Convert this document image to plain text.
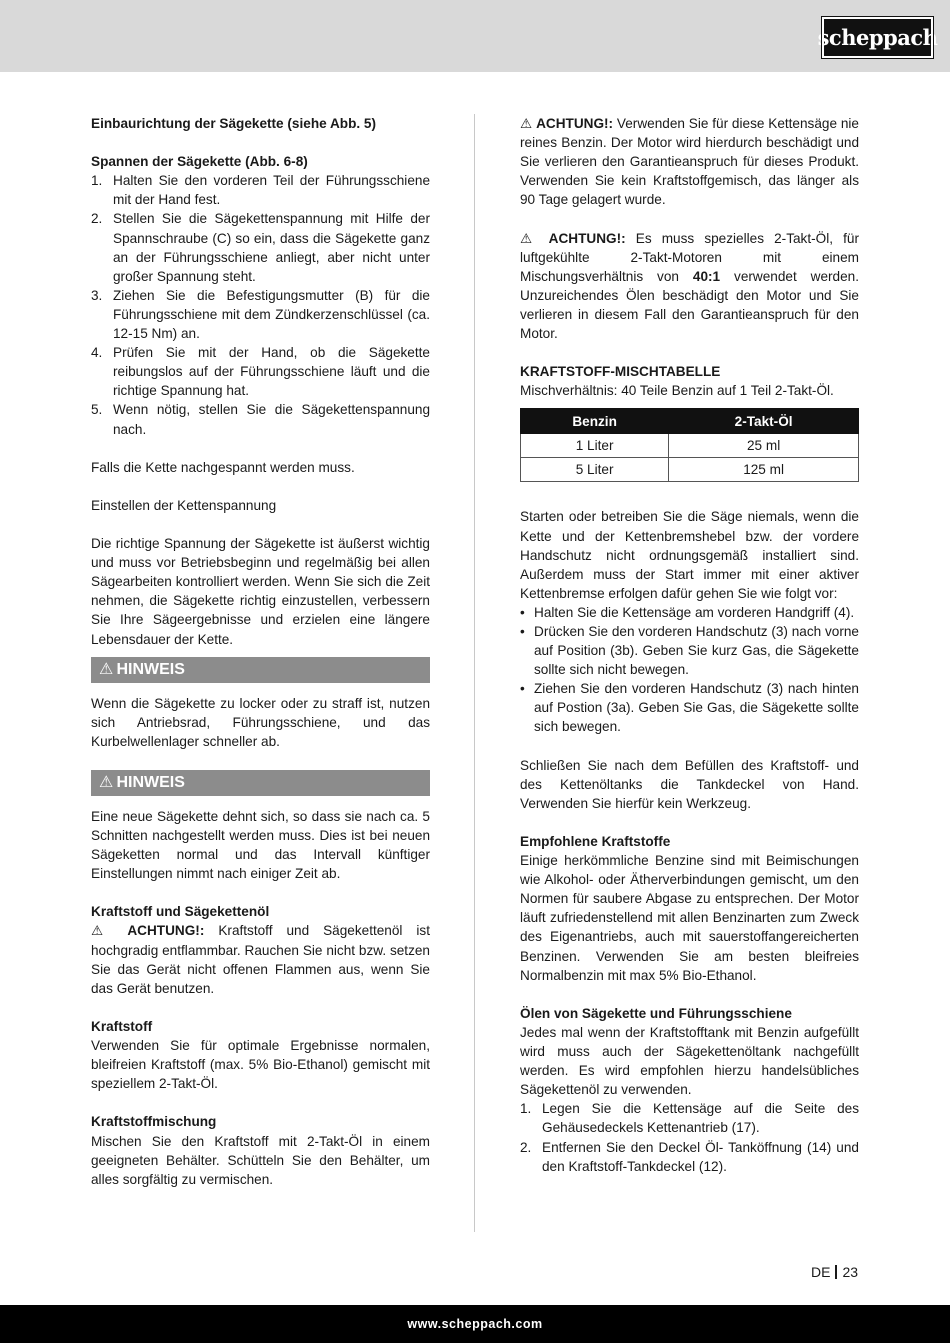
scheppach

Einbaurichtung der Sägekette (siehe Abb. 5)

Spannen der Sägekette (Abb. 6-8)

1. Halten Sie den vorderen Teil der Führungsschiene mit der Hand fest.
2. Stellen Sie die Sägekettenspannung mit Hilfe der Spannschraube (C) so ein, dass die Sägekette ganz an der Führungsschiene anliegt, aber nicht unter großer Spannung steht.
3. Ziehen Sie die Befestigungsmutter (B) für die Führungsschiene mit dem Zündkerzenschlüssel (ca. 12-15 Nm) an.
4. Prüfen Sie mit der Hand, ob die Sägekette reibungslos auf der Führungsschiene läuft und die richtige Spannung hat.
5. Wenn nötig, stellen Sie die Sägekettenspannung nach.

Falls die Kette nachgespannt werden muss.

Einstellen der Kettenspannung

Die richtige Spannung der Sägekette ist äußerst wichtig und muss vor Betriebsbeginn und regelmäßig bei allen Sägearbeiten kontrolliert werden. Wenn Sie sich die Zeit nehmen, die Sägekette richtig einzustellen, verbessern Sie Ihre Sägeergebnisse und erzielen eine längere Lebensdauer der Kette.

⚠ HINWEIS

Wenn die Sägekette zu locker oder zu straff ist, nutzen sich Antriebsrad, Führungsschiene, und das Kurbelwellenlager schneller ab.

⚠ HINWEIS

Eine neue Sägekette dehnt sich, so dass sie nach ca. 5 Schnitten nachgestellt werden muss. Dies ist bei neuen Sägeketten normal und das Intervall künftiger Einstellungen nimmt nach einiger Zeit ab.

Kraftstoff und Sägekettenöl

⚠ ACHTUNG!: Kraftstoff und Sägekettenöl ist hochgradig entflammbar. Rauchen Sie nicht bzw. setzen Sie das Gerät nicht offenen Flammen aus, wenn Sie das Gerät benutzen.

Kraftstoff

Verwenden Sie für optimale Ergebnisse normalen, bleifreien Kraftstoff (max. 5% Bio-Ethanol) gemischt mit speziellem 2-Takt-Öl.

Kraftstoffmischung

Mischen Sie den Kraftstoff mit 2-Takt-Öl in einem geeigneten Behälter. Schütteln Sie den Behälter, um alles sorgfältig zu vermischen.

⚠ ACHTUNG!: Verwenden Sie für diese Kettensäge nie reines Benzin. Der Motor wird hierdurch beschädigt und Sie verlieren den Garantieanspruch für dieses Produkt. Verwenden Sie kein Kraftstoffgemisch, das länger als 90 Tage gelagert wurde.

⚠ ACHTUNG!: Es muss spezielles 2-Takt-Öl, für luftgekühlte 2-Takt-Motoren mit einem Mischungsverhältnis von 40:1 verwendet werden. Unzureichendes Ölen beschädigt den Motor und Sie verlieren in diesem Fall den Garantieanspruch für den Motor.

KRAFTSTOFF-MISCHTABELLE

Mischverhältnis: 40 Teile Benzin auf 1 Teil 2-Takt-Öl.

Benzin	2-Takt-Öl
1 Liter	25 ml
5 Liter	125 ml

Starten oder betreiben Sie die Säge niemals, wenn die Kette und der Kettenbremshebel bzw. der vordere Handschutz nicht ordnungsgemäß installiert sind. Außerdem muss der Start immer mit einer aktiver Kettenbremse erfolgen dafür gehen Sie wie folgt vor:

• Halten Sie die Kettensäge am vorderen Handgriff (4).
• Drücken Sie den vorderen Handschutz (3) nach vorne auf Position (3b). Geben Sie kurz Gas, die Sägekette sollte sich nicht bewegen.
• Ziehen Sie den vorderen Handschutz (3) nach hinten auf Postion (3a). Geben Sie Gas, die Sägekette sollte sich bewegen.

Schließen Sie nach dem Befüllen des Kraftstoff- und des Kettenöltanks die Tankdeckel von Hand. Verwenden Sie hierfür kein Werkzeug.

Empfohlene Kraftstoffe

Einige herkömmliche Benzine sind mit Beimischungen wie Alkohol- oder Ätherverbindungen gemischt, um den Normen für saubere Abgase zu entsprechen. Der Motor läuft zufriedenstellend mit allen Benzinarten zum Zweck des Eigenantriebs, auch mit sauerstoffangereicherten Benzinen. Verwenden Sie am besten bleifreies Normalbenzin mit max 5% Bio-Ethanol.

Ölen von Sägekette und Führungsschiene

Jedes mal wenn der Kraftstofftank mit Benzin aufgefüllt wird muss auch der Sägekettenöltank nachgefüllt werden. Es wird empfohlen hierzu handelsübliches Sägekettenöl zu verwenden.

1. Legen Sie die Kettensäge auf die Seite des Gehäusedeckels Kettenantrieb (17).
2. Entfernen Sie den Deckel Öl- Tanköffnung (14) und den Kraftstoff-Tankdeckel (12).
DE 23
www.scheppach.com
